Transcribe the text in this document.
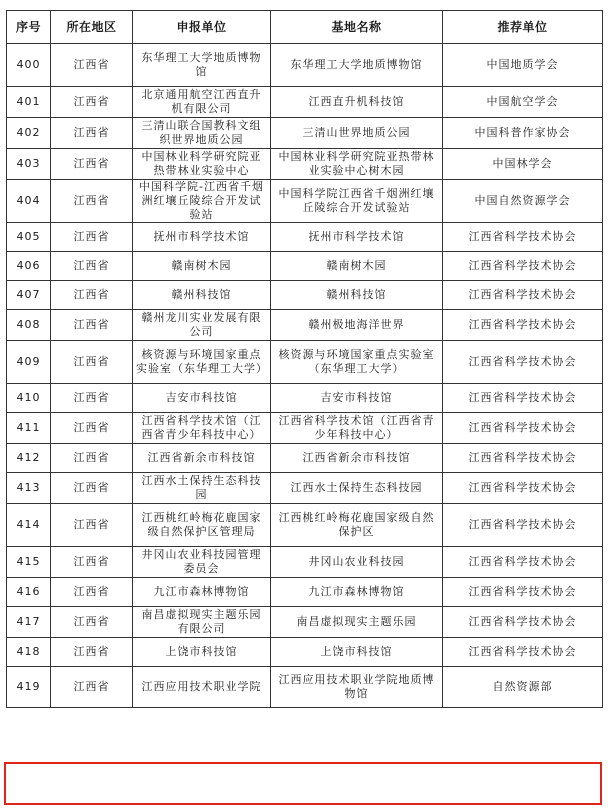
序号	所在地区	申报单位	基地名称	推荐单位
400	江西省	东华理工大学地质博物馆	东华理工大学地质博物馆	中国地质学会
401	江西省	北京通用航空江西直升机有限公司	江西直升机科技馆	中国航空学会
402	江西省	三清山联合国教科文组织世界地质公园	三清山世界地质公园	中国科普作家协会
403	江西省	中国林业科学研究院亚热带林业实验中心	中国林业科学研究院亚热带林业实验中心树木园	中国林学会
404	江西省	中国科学院-江西省千烟洲红壤丘陵综合开发试验站	中国科学院江西省千烟洲红壤丘陵综合开发试验站	中国自然资源学会
405	江西省	抚州市科学技术馆	抚州市科学技术馆	江西省科学技术协会
406	江西省	赣南树木园	赣南树木园	江西省科学技术协会
407	江西省	赣州科技馆	赣州科技馆	江西省科学技术协会
408	江西省	赣州龙川实业发展有限公司	赣州极地海洋世界	江西省科学技术协会
409	江西省	核资源与环境国家重点实验室（东华理工大学）	核资源与环境国家重点实验室（东华理工大学）	江西省科学技术协会
410	江西省	吉安市科技馆	吉安市科技馆	江西省科学技术协会
411	江西省	江西省科学技术馆（江西省青少年科技中心）	江西省科学技术馆（江西省青少年科技中心）	江西省科学技术协会
412	江西省	江西省新余市科技馆	江西省新余市科技馆	江西省科学技术协会
413	江西省	江西水土保持生态科技园	江西水土保持生态科技园	江西省科学技术协会
414	江西省	江西桃红岭梅花鹿国家级自然保护区管理局	江西桃红岭梅花鹿国家级自然保护区	江西省科学技术协会
415	江西省	井冈山农业科技园管理委员会	井冈山农业科技园	江西省科学技术协会
416	江西省	九江市森林博物馆	九江市森林博物馆	江西省科学技术协会
417	江西省	南昌虚拟现实主题乐园有限公司	南昌虚拟现实主题乐园	江西省科学技术协会
418	江西省	上饶市科技馆	上饶市科技馆	江西省科学技术协会
419	江西省	江西应用技术职业学院	江西应用技术职业学院地质博物馆	自然资源部
